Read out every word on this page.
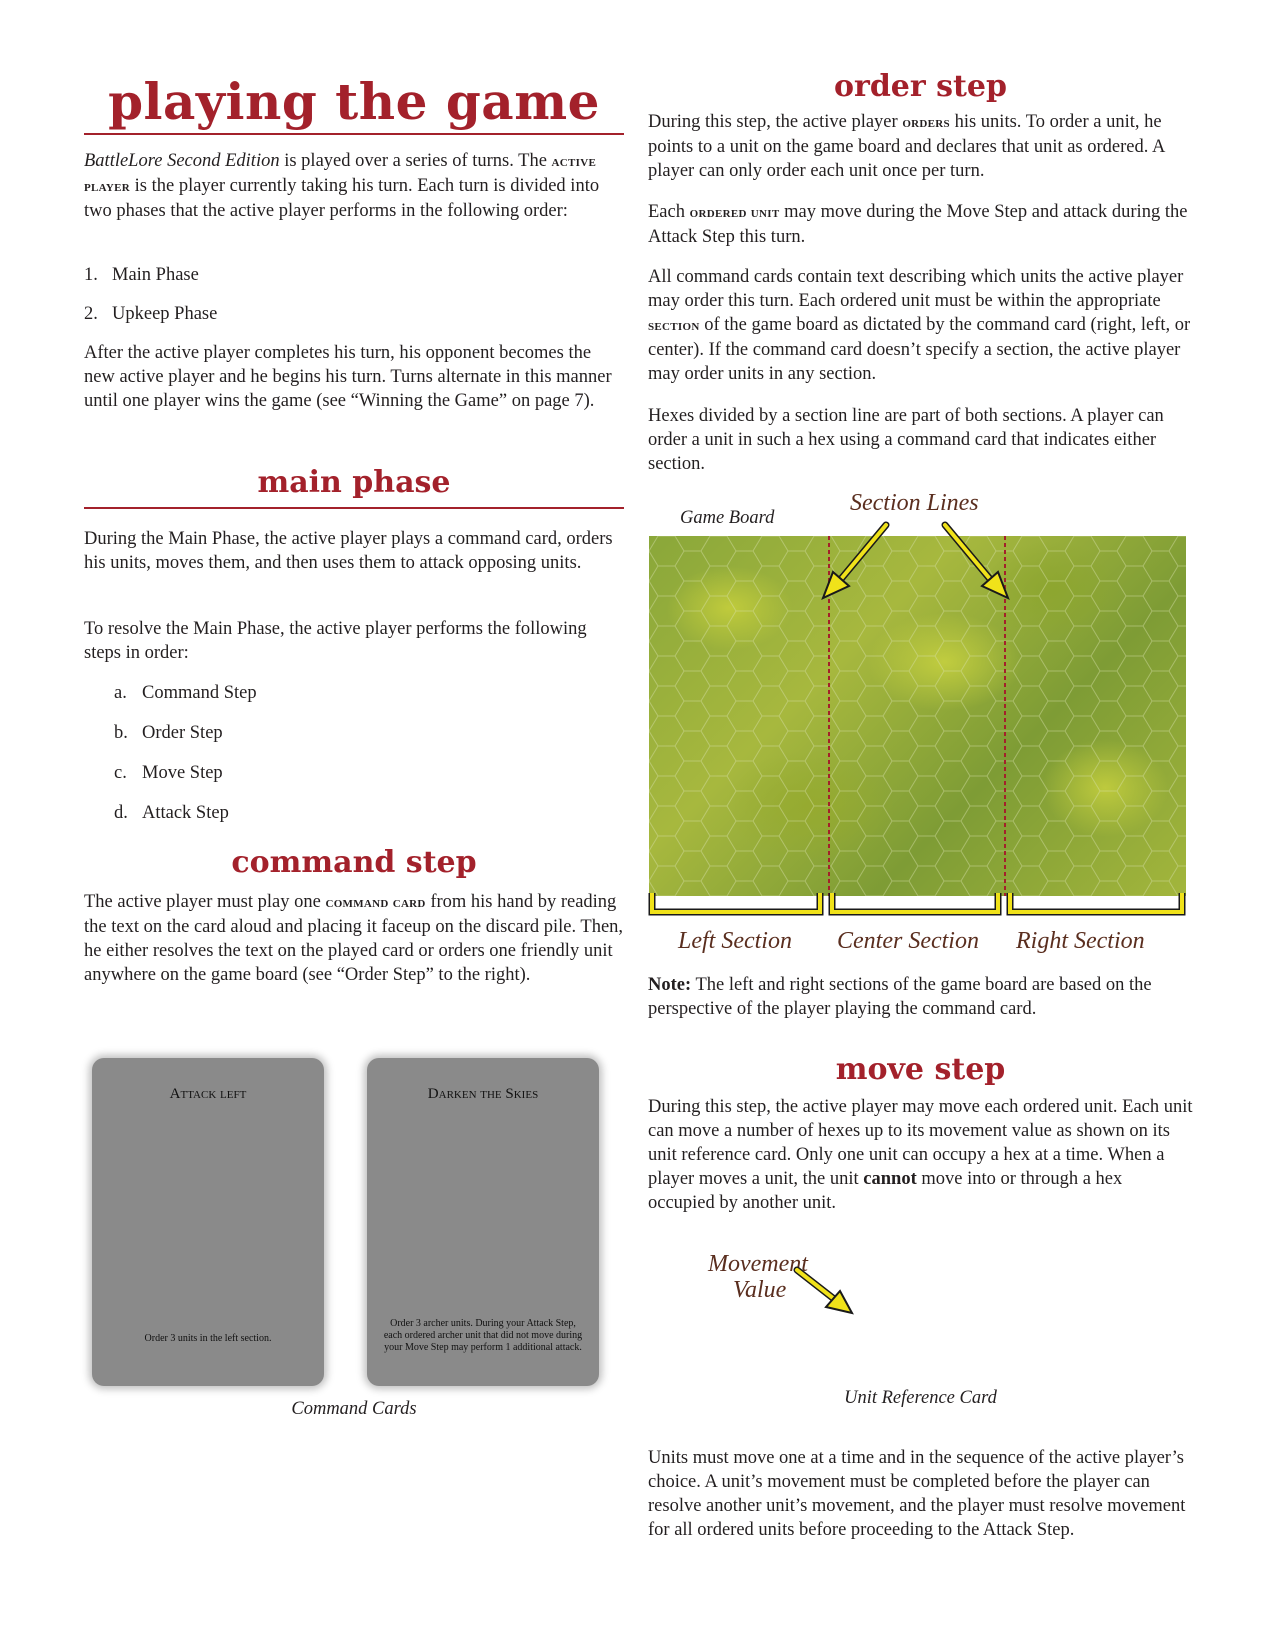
playing the game

BattleLore Second Edition is played over a series of turns. The active player is the player currently taking his turn. Each turn is divided into two phases that the active player performs in the following order:

1. Main Phase
2. Upkeep Phase

After the active player completes his turn, his opponent becomes the new active player and he begins his turn. Turns alternate in this manner until one player wins the game (see “Winning the Game” on page 7).

main phase

During the Main Phase, the active player plays a command card, orders his units, moves them, and then uses them to attack opposing units.

To resolve the Main Phase, the active player performs the following steps in order:

a. Command Step
b. Order Step
c. Move Step
d. Attack Step
command step

The active player must play one command card from his hand by reading the text on the card aloud and placing it faceup on the discard pile. Then, he either resolves the text on the played card or orders one friendly unit anywhere on the game board (see “Order Step” to the right).

Attack left
Order 3 units in the left section.
Darken the Skies
Order 3 archer units. During your Attack Step, each ordered archer unit that did not move during your Move Step may perform 1 additional attack.
Command Cards
order step

During this step, the active player orders his units. To order a unit, he points to a unit on the game board and declares that unit as ordered. A player can only order each unit once per turn.

Each ordered unit may move during the Move Step and attack during the Attack Step this turn.

All command cards contain text describing which units the active player may order this turn. Each ordered unit must be within the appropriate section of the game board as dictated by the command card (right, left, or center). If the command card doesn’t specify a section, the active player may order units in any section.

Hexes divided by a section line are part of both sections. A player can order a unit in such a hex using a command card that indicates either section.

Game Board
Section Lines
Left Section Center Section Right Section

Note: The left and right sections of the game board are based on the perspective of the player playing the command card.

move step

During this step, the active player may move each ordered unit. Each unit can move a number of hexes up to its movement value as shown on its unit reference card. Only one unit can occupy a hex at a time. When a player moves a unit, the unit cannot move into or through a hex occupied by another unit.

Movement
Value
Unit Reference Card

Units must move one at a time and in the sequence of the active player’s choice. A unit’s movement must be completed before the player can resolve another unit’s movement, and the player must resolve movement for all ordered units before proceeding to the Attack Step.
